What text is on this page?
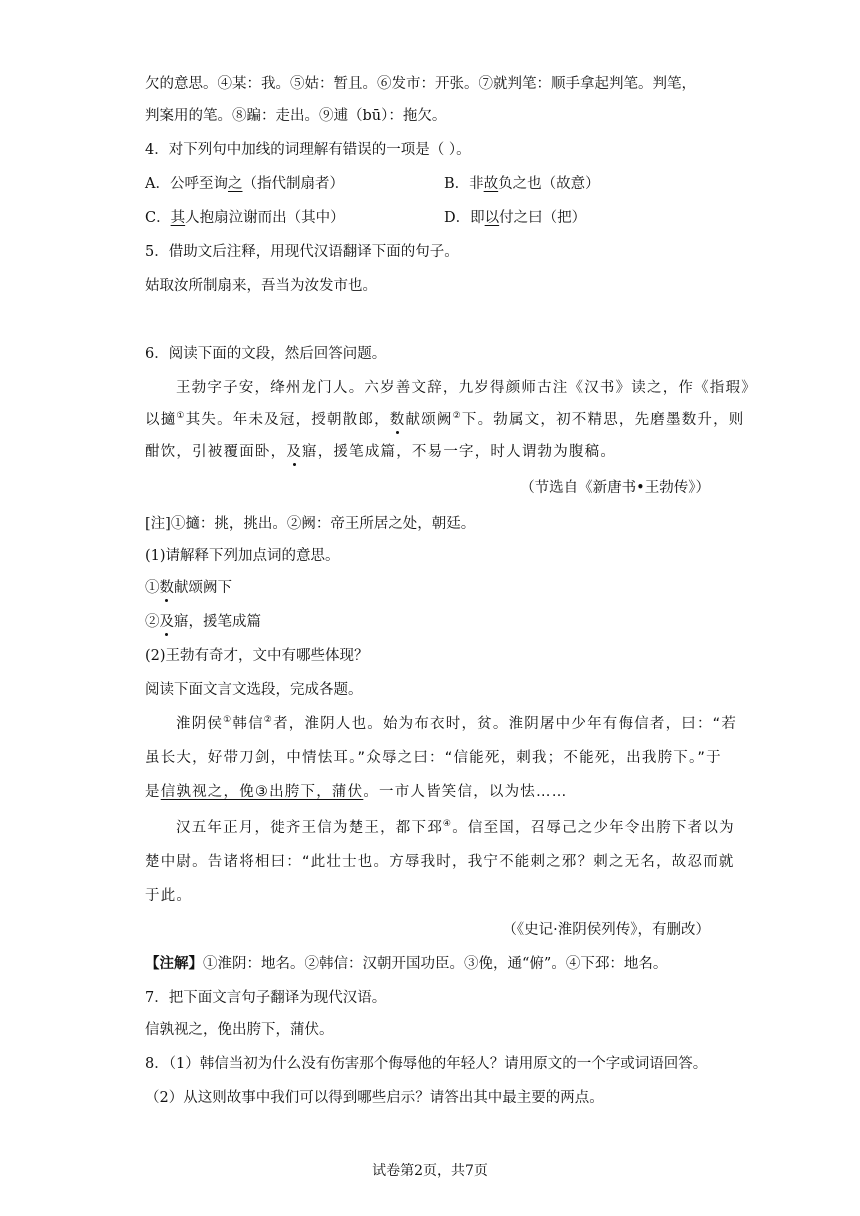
欠的意思。④某：我。⑤姑：暂且。⑥发市：开张。⑦就判笔：顺手拿起判笔。判笔，
判案用的笔。⑧蹁：走出。⑨逋（bū）：拖欠。
4．对下列句中加线的词理解有错误的一项是（ ）。
A．公呼至询之（指代制扇者）	B．非故负之也（故意）
C．其人抱扇泣谢而出（其中）	D．即以付之曰（把）
5．借助文后注释，用现代汉语翻译下面的句子。
姑取汝所制扇来，吾当为汝发市也。
6．阅读下面的文段，然后回答问题。
王勃字子安，绛州龙门人。六岁善文辞，九岁得颜师古注《汉书》读之，作《指瑕》
以擿①其失。年未及冠，授朝散郎，数献颂阙②下。勃属文，初不精思，先磨墨数升，则
酣饮，引被覆面卧，及寤，援笔成篇，不易一字，时人谓勃为腹稿。
（节选自《新唐书•王勃传》）
[注]①擿：挑，挑出。②阙：帝王所居之处，朝廷。
(1)请解释下列加点词的意思。
①数献颂阙下
②及寤，援笔成篇
(2)王勃有奇才，文中有哪些体现？
阅读下面文言文选段，完成各题。
淮阴侯①韩信②者，淮阴人也。始为布衣时，贫。淮阴屠中少年有侮信者，曰：“若
虽长大，好带刀剑，中情怯耳。”众辱之曰：“信能死，刺我；不能死，出我胯下。”于
是信孰视之，俛③出胯下，蒲伏。一市人皆笑信，以为怯……
汉五年正月，徙齐王信为楚王，都下邳④。信至国，召辱己之少年令出胯下者以为
楚中尉。告诸将相曰：“此壮士也。方辱我时，我宁不能刺之邪？刺之无名，故忍而就
于此。
（《史记·淮阴侯列传》，有删改）
【注解】①淮阴：地名。②韩信：汉朝开国功臣。③俛，通“俯”。④下邳：地名。
7．把下面文言句子翻译为现代汉语。
信孰视之，俛出胯下，蒲伏。
8．（1）韩信当初为什么没有伤害那个侮辱他的年轻人？请用原文的一个字或词语回答。
（2）从这则故事中我们可以得到哪些启示？请答出其中最主要的两点。
试卷第2页，共7页
